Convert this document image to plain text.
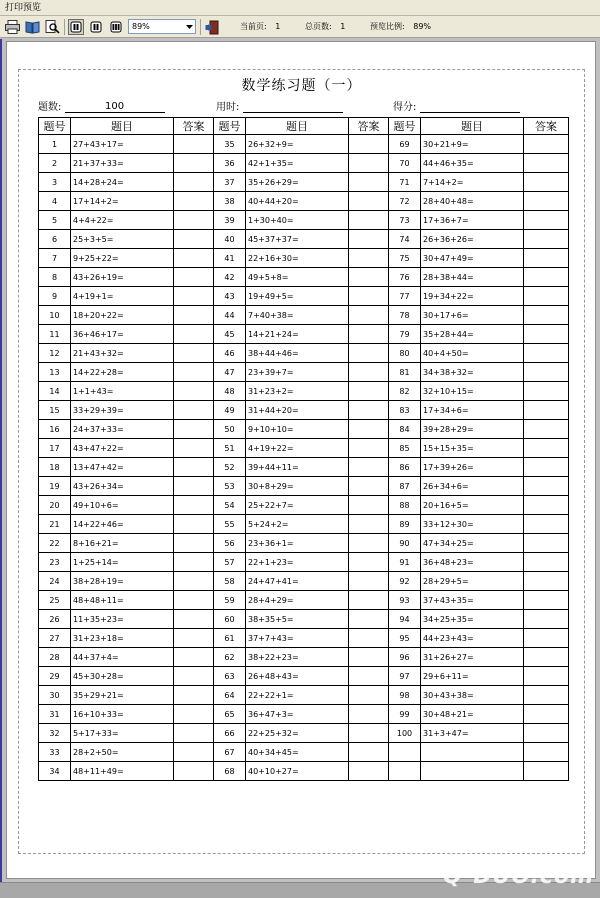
打印预览
89%	当前页: 1	总页数: 1	预览比例: 89%
数学练习题（一）
题数:	100	用时:	得分:
题号	题目	答案	题号	题目	答案	题号	题目	答案
1	27+43+17=		35	26+32+9=		69	30+21+9=	
2	21+37+33=		36	42+1+35=		70	44+46+35=	
3	14+28+24=		37	35+26+29=		71	7+14+2=	
4	17+14+2=		38	40+44+20=		72	28+40+48=	
5	4+4+22=		39	1+30+40=		73	17+36+7=	
6	25+3+5=		40	45+37+37=		74	26+36+26=	
7	9+25+22=		41	22+16+30=		75	30+47+49=	
8	43+26+19=		42	49+5+8=		76	28+38+44=	
9	4+19+1=		43	19+49+5=		77	19+34+22=	
10	18+20+22=		44	7+40+38=		78	30+17+6=	
11	36+46+17=		45	14+21+24=		79	35+28+44=	
12	21+43+32=		46	38+44+46=		80	40+4+50=	
13	14+22+28=		47	23+39+7=		81	34+38+32=	
14	1+1+43=		48	31+23+2=		82	32+10+15=	
15	33+29+39=		49	31+44+20=		83	17+34+6=	
16	24+37+33=		50	9+10+10=		84	39+28+29=	
17	43+47+22=		51	4+19+22=		85	15+15+35=	
18	13+47+42=		52	39+44+11=		86	17+39+26=	
19	43+26+34=		53	30+8+29=		87	26+34+6=	
20	49+10+6=		54	25+22+7=		88	20+16+5=	
21	14+22+46=		55	5+24+2=		89	33+12+30=	
22	8+16+21=		56	23+36+1=		90	47+34+25=	
23	1+25+14=		57	22+1+23=		91	36+48+23=	
24	38+28+19=		58	24+47+41=		92	28+29+5=	
25	48+48+11=		59	28+4+29=		93	37+43+35=	
26	11+35+23=		60	38+35+5=		94	34+25+35=	
27	31+23+18=		61	37+7+43=		95	44+23+43=	
28	44+37+4=		62	38+22+23=		96	31+26+27=	
29	45+30+28=		63	26+48+43=		97	29+6+11=	
30	35+29+21=		64	22+22+1=		98	30+43+38=	
31	16+10+33=		65	36+47+3=		99	30+48+21=	
32	5+17+33=		66	22+25+32=		100	31+3+47=	
33	28+2+50=		67	40+34+45=				
34	48+11+49=		68	40+10+27=				
Q-DUO.com
